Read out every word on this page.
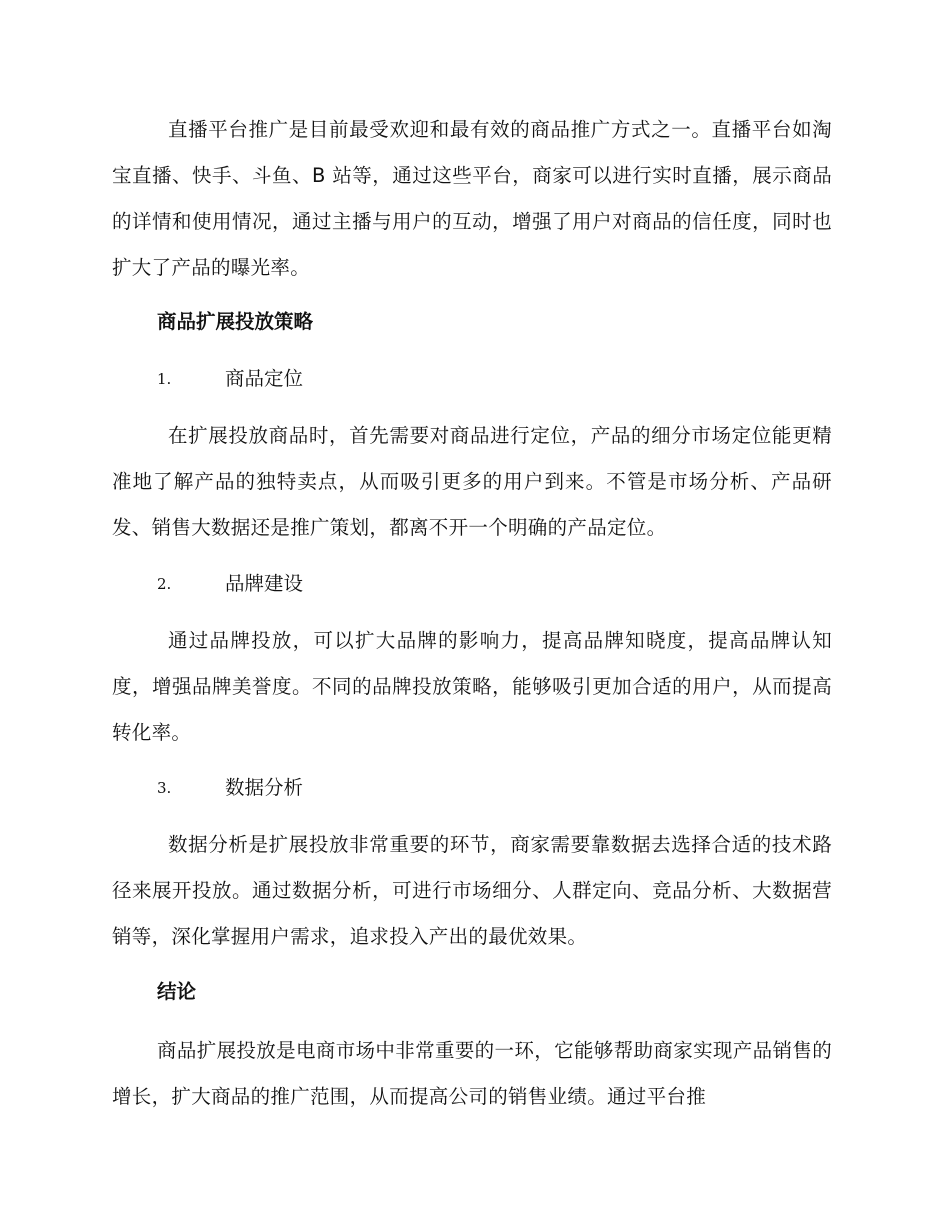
直播平台推广是目前最受欢迎和最有效的商品推广方式之一。直播平台如淘宝直播、快手、斗鱼、B 站等，通过这些平台，商家可以进行实时直播，展示商品的详情和使用情况，通过主播与用户的互动，增强了用户对商品的信任度，同时也扩大了产品的曝光率。

商品扩展投放策略
1.	商品定位

在扩展投放商品时，首先需要对商品进行定位，产品的细分市场定位能更精准地了解产品的独特卖点，从而吸引更多的用户到来。不管是市场分析、产品研发、销售大数据还是推广策划，都离不开一个明确的产品定位。

2.	品牌建设

通过品牌投放，可以扩大品牌的影响力，提高品牌知晓度，提高品牌认知度，增强品牌美誉度。不同的品牌投放策略，能够吸引更加合适的用户，从而提高转化率。

3.	数据分析

数据分析是扩展投放非常重要的环节，商家需要靠数据去选择合适的技术路径来展开投放。通过数据分析，可进行市场细分、人群定向、竞品分析、大数据营销等，深化掌握用户需求，追求投入产出的最优效果。

结论

商品扩展投放是电商市场中非常重要的一环，它能够帮助商家实现产品销售的增长，扩大商品的推广范围，从而提高公司的销售业绩。通过平台推
